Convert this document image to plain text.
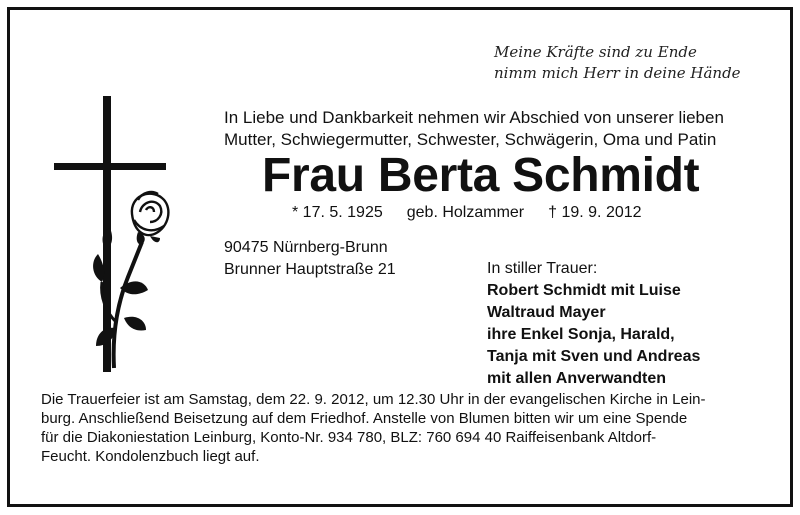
Meine Kräfte sind zu Ende
nimm mich Herr in deine Hände
In Liebe und Dankbarkeit nehmen wir Abschied von unserer lieben
Mutter, Schwiegermutter, Schwester, Schwägerin, Oma und Patin
Frau Berta Schmidt
* 17. 5. 1925 geb. Holzammer † 19. 9. 2012
90475 Nürnberg-Brunn
Brunner Hauptstraße 21	In stiller Trauer:
Robert Schmidt mit Luise
Waltraud Mayer
ihre Enkel Sonja, Harald,
Tanja mit Sven und Andreas
mit allen Anverwandten
Die Trauerfeier ist am Samstag, dem 22. 9. 2012, um 12.30 Uhr in der evangelischen Kirche in Lein-
burg. Anschließend Beisetzung auf dem Friedhof. Anstelle von Blumen bitten wir um eine Spende
für die Diakoniestation Leinburg, Konto-Nr. 934 780, BLZ: 760 694 40 Raiffeisenbank Altdorf-
Feucht. Kondolenzbuch liegt auf.
